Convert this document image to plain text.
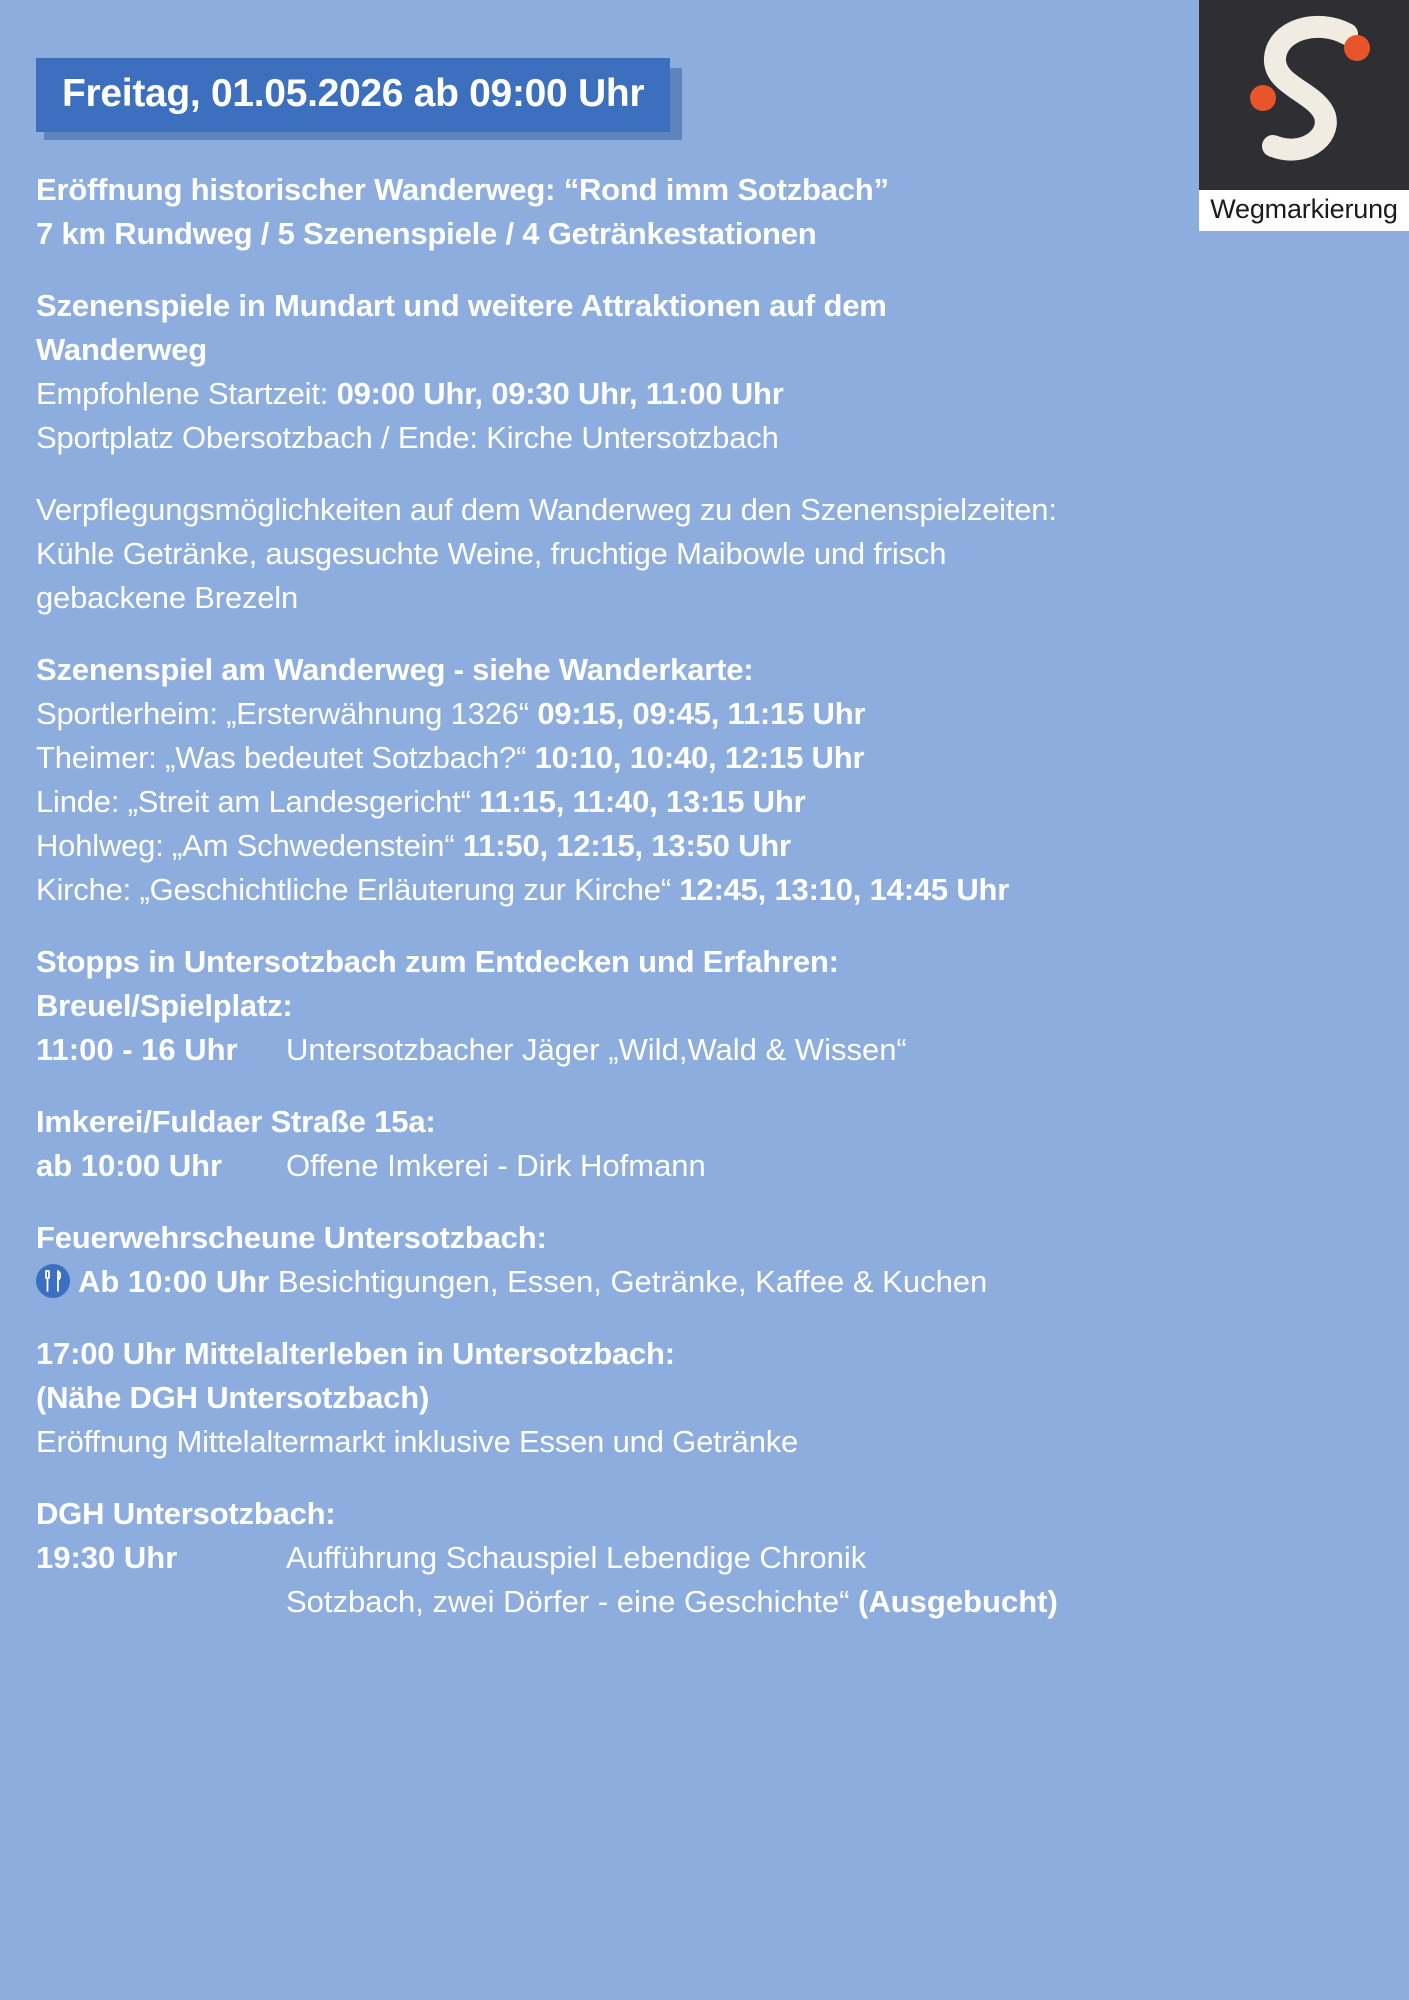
Wegmarkierung
Freitag, 01.05.2026 ab 09:00 Uhr
Eröffnung historischer Wanderweg: “Rond imm Sotzbach”
7 km Rundweg / 5 Szenenspiele / 4 Getränkestationen
Szenenspiele in Mundart und weitere Attraktionen auf dem
Wanderweg
Empfohlene Startzeit: 09:00 Uhr, 09:30 Uhr, 11:00 Uhr
Sportplatz Obersotzbach / Ende: Kirche Untersotzbach
Verpflegungsmöglichkeiten auf dem Wanderweg zu den Szenenspielzeiten:
Kühle Getränke, ausgesuchte Weine, fruchtige Maibowle und frisch
gebackene Brezeln
Szenenspiel am Wanderweg - siehe Wanderkarte:
Sportlerheim: „Ersterwähnung 1326“ 09:15, 09:45, 11:15 Uhr
Theimer: „Was bedeutet Sotzbach?“ 10:10, 10:40, 12:15 Uhr
Linde: „Streit am Landesgericht“ 11:15, 11:40, 13:15 Uhr
Hohlweg: „Am Schwedenstein“ 11:50, 12:15, 13:50 Uhr
Kirche: „Geschichtliche Erläuterung zur Kirche“ 12:45, 13:10, 14:45 Uhr
Stopps in Untersotzbach zum Entdecken und Erfahren:
Breuel/Spielplatz:
11:00 - 16 Uhr Untersotzbacher Jäger „Wild,Wald & Wissen“
Imkerei/Fuldaer Straße 15a:
ab 10:00 Uhr Offene Imkerei - Dirk Hofmann
Feuerwehrscheune Untersotzbach:
Ab 10:00 Uhr Besichtigungen, Essen, Getränke, Kaffee & Kuchen
17:00 Uhr Mittelalterleben in Untersotzbach:
(Nähe DGH Untersotzbach)
Eröffnung Mittelaltermarkt inklusive Essen und Getränke
DGH Untersotzbach:
19:30 Uhr	Aufführung Schauspiel Lebendige Chronik
Sotzbach, zwei Dörfer - eine Geschichte“ (Ausgebucht)
